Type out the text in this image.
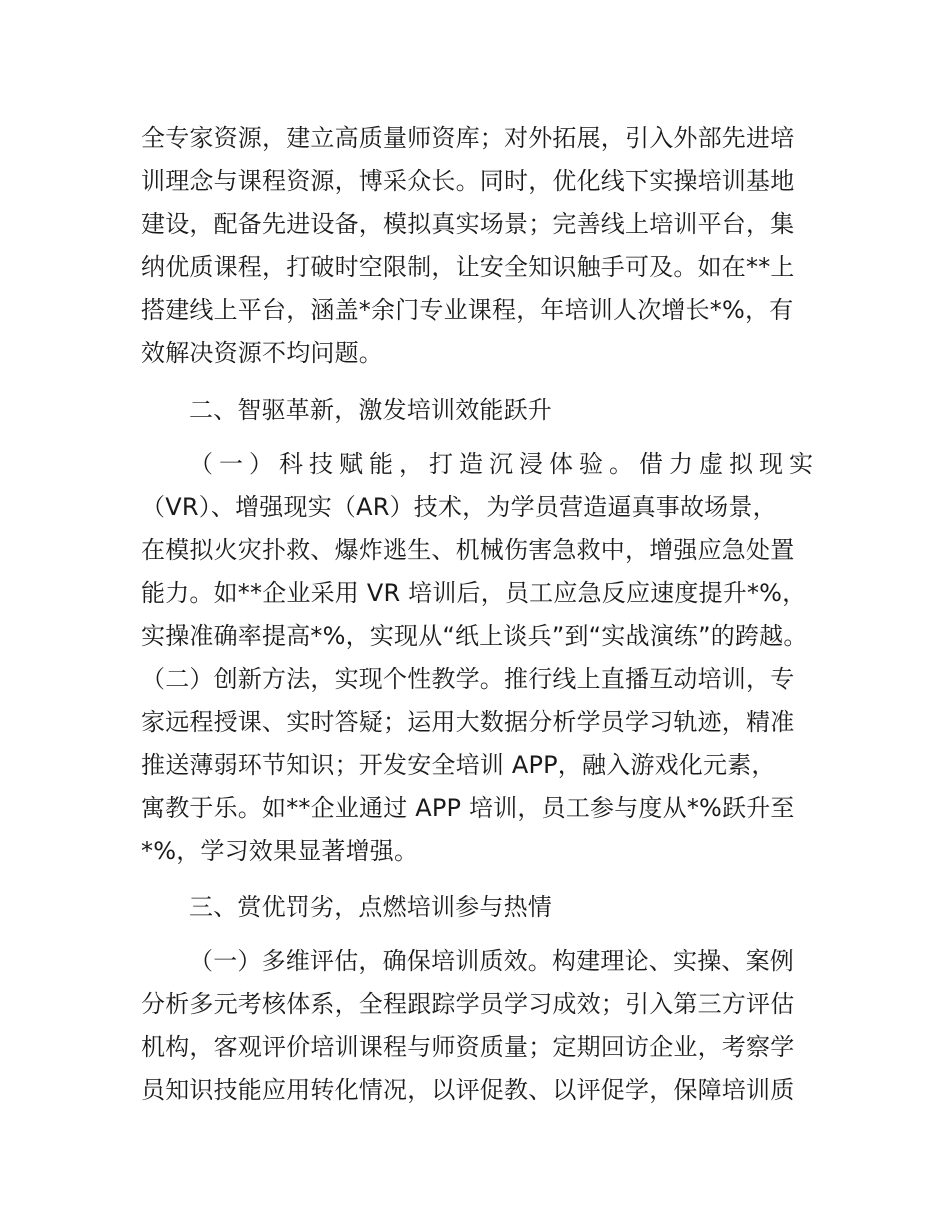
全专家资源，建立高质量师资库；对外拓展，引入外部先进培
训理念与课程资源，博采众长。同时，优化线下实操培训基地
建设，配备先进设备，模拟真实场景；完善线上培训平台，集
纳优质课程，打破时空限制，让安全知识触手可及。如在**上
搭建线上平台，涵盖*余门专业课程，年培训人次增长*%，有
效解决资源不均问题。
二、智驱革新，激发培训效能跃升
（一）科技赋能，打造沉浸体验。借力虚拟现实
（VR）、增强现实（AR）技术，为学员营造逼真事故场景，
在模拟火灾扑救、爆炸逃生、机械伤害急救中，增强应急处置
能力。如**企业采用 VR 培训后，员工应急反应速度提升*%，
实操准确率提高*%，实现从“纸上谈兵”到“实战演练”的跨越。
（二）创新方法，实现个性教学。推行线上直播互动培训，专
家远程授课、实时答疑；运用大数据分析学员学习轨迹，精准
推送薄弱环节知识；开发安全培训 APP，融入游戏化元素，
寓教于乐。如**企业通过 APP 培训，员工参与度从*%跃升至
*%，学习效果显著增强。
三、赏优罚劣，点燃培训参与热情
（一）多维评估，确保培训质效。构建理论、实操、案例
分析多元考核体系，全程跟踪学员学习成效；引入第三方评估
机构，客观评价培训课程与师资质量；定期回访企业，考察学
员知识技能应用转化情况，以评促教、以评促学，保障培训质
